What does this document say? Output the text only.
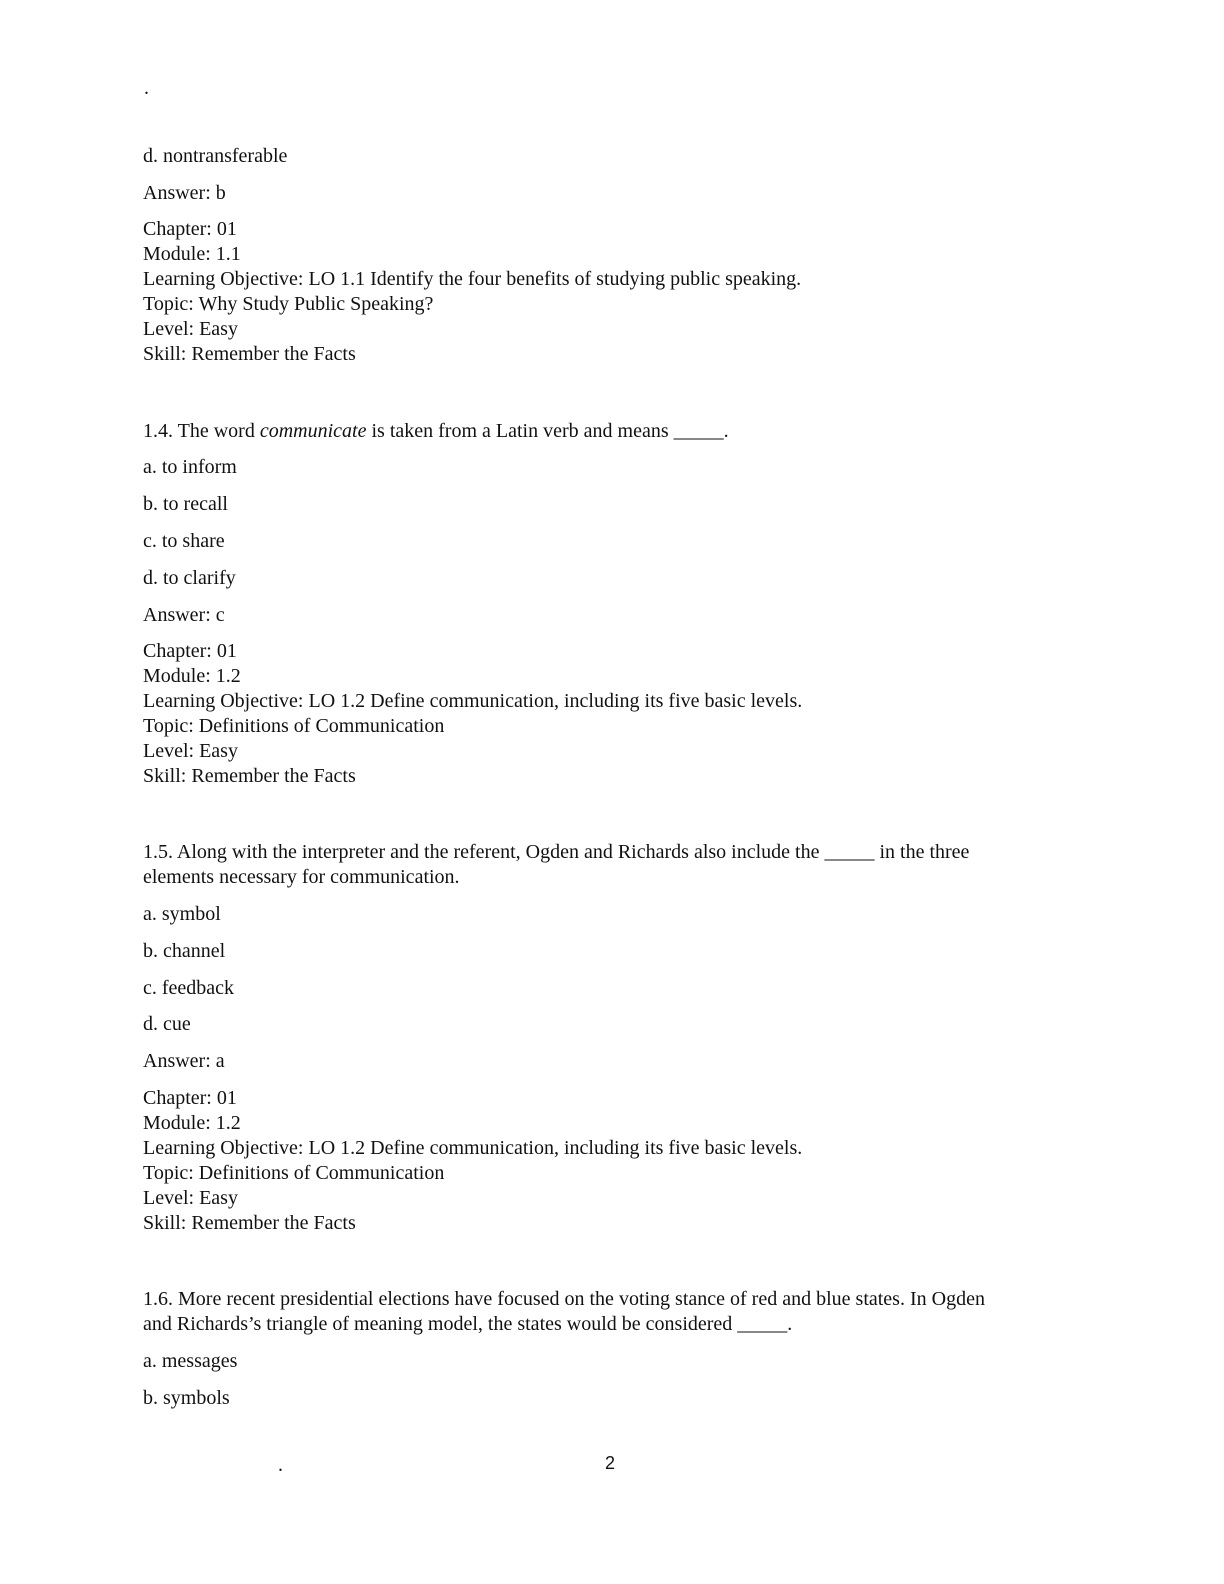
.
d. nontransferable
Answer: b
Chapter: 01
Module: 1.1
Learning Objective: LO 1.1 Identify the four benefits of studying public speaking.
Topic: Why Study Public Speaking?
Level: Easy
Skill: Remember the Facts
1.4. The word communicate is taken from a Latin verb and means _____.
a. to inform
b. to recall
c. to share
d. to clarify
Answer: c
Chapter: 01
Module: 1.2
Learning Objective: LO 1.2 Define communication, including its five basic levels.
Topic: Definitions of Communication
Level: Easy
Skill: Remember the Facts
1.5. Along with the interpreter and the referent, Ogden and Richards also include the _____ in the three
elements necessary for communication.
a. symbol
b. channel
c. feedback
d. cue
Answer: a
Chapter: 01
Module: 1.2
Learning Objective: LO 1.2 Define communication, including its five basic levels.
Topic: Definitions of Communication
Level: Easy
Skill: Remember the Facts
1.6. More recent presidential elections have focused on the voting stance of red and blue states. In Ogden
and Richards’s triangle of meaning model, the states would be considered _____.
a. messages
b. symbols
.	2
